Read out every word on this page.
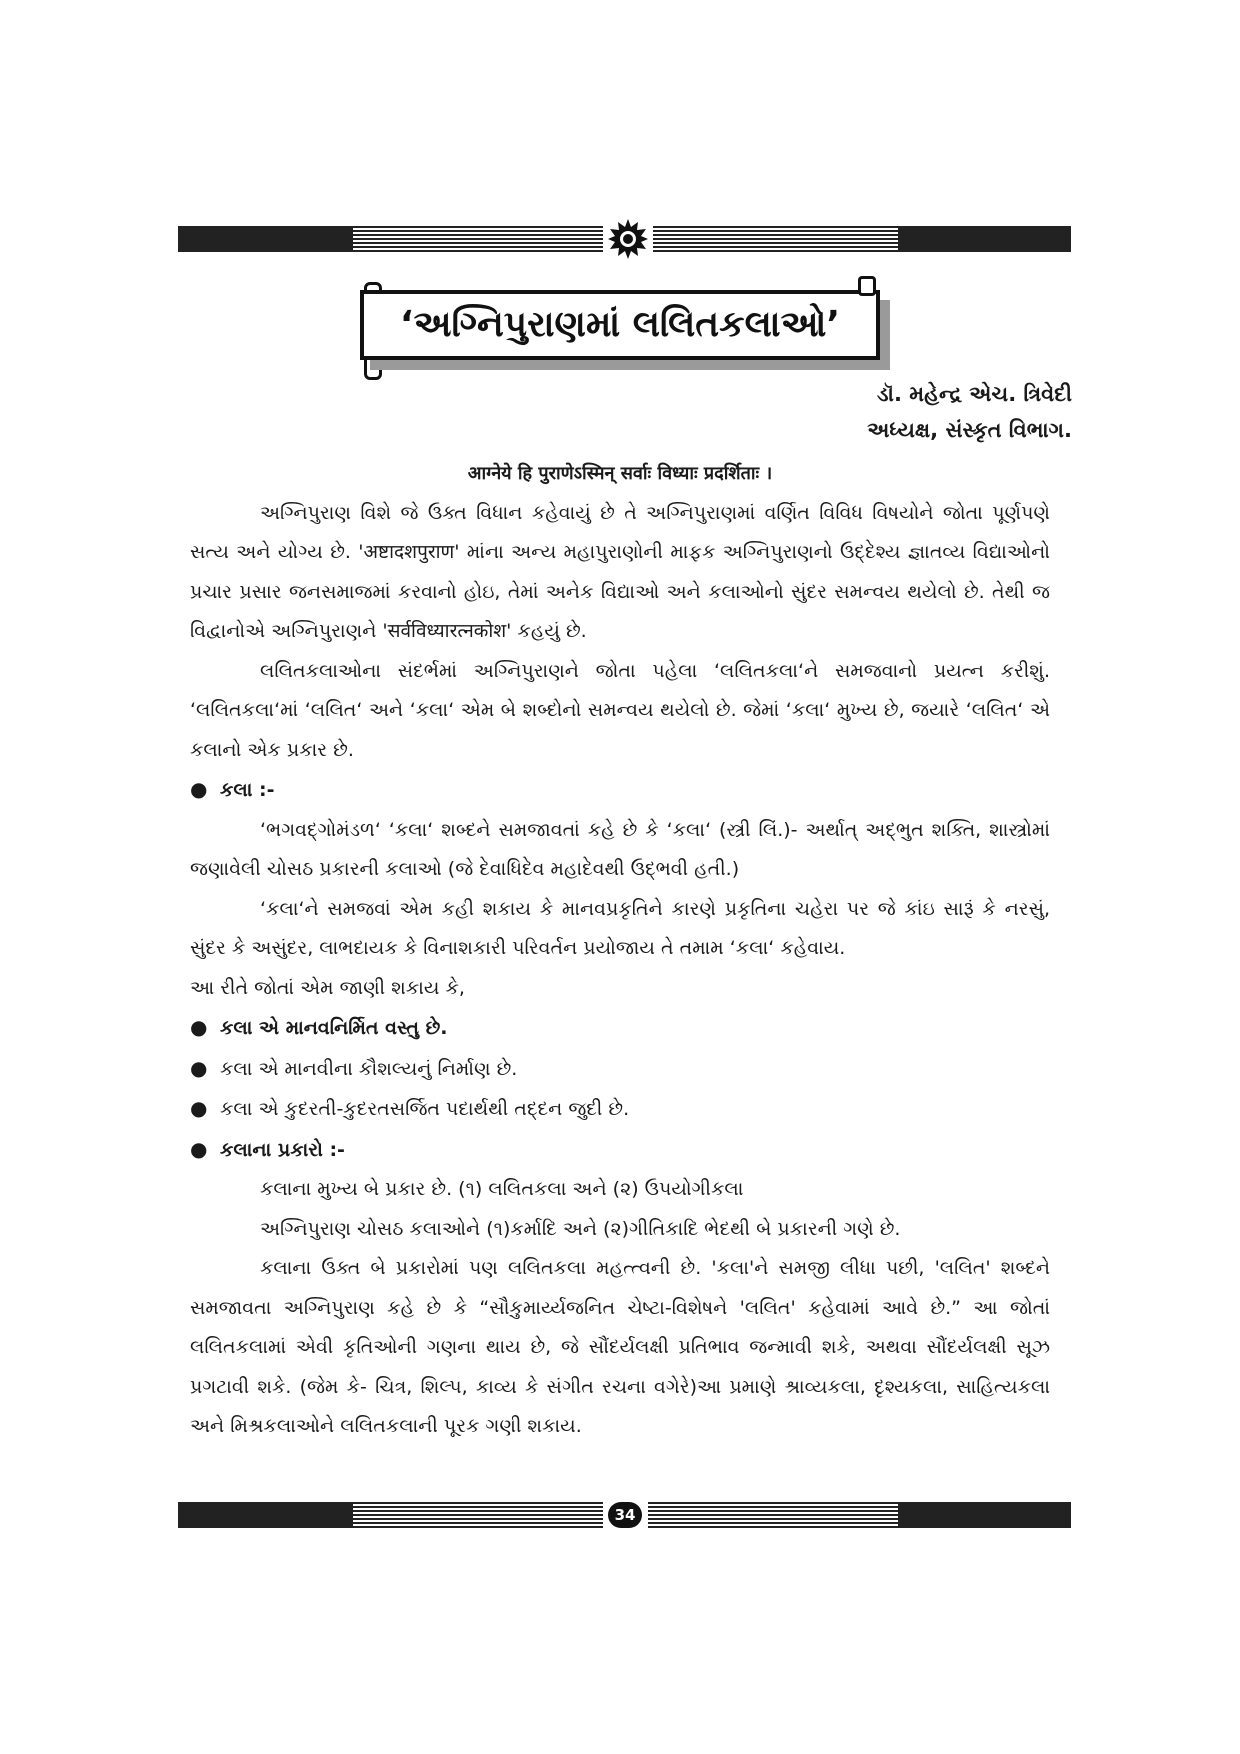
‘અગ્નિપુરાણમાં લલિતકલાઓ’
ડૉ. મહેન્દ્ર એચ. ત્રિવેદી
અધ્યક્ષ, સંસ્કૃત વિભાગ.

आग्नेये हि पुराणेऽस्मिन् सर्वाः विध्याः प्रदर्शिताः ।

અગ્નિપુરાણ વિશે જે ઉક્ત વિધાન કહેવાયું છે તે અગ્નિપુરાણમાં વર્ણિત વિવિધ વિષયોને જોતા પૂર્ણપણે સત્ય અને યોગ્ય છે. 'अष्टादशपुराण' માંના અન્ય મહાપુરાણોની માફક અગ્નિપુરાણનો ઉદ્દેશ્ય જ્ઞાતવ્ય વિદ્યાઓનો પ્રચાર પ્રસાર જનસમાજમાં કરવાનો હોઇ, તેમાં અનેક વિદ્યાઓ અને કલાઓનો સુંદર સમન્વય થયેલો છે. તેથી જ વિદ્વાનોએ અગ્નિપુરાણને 'सर्वविध्यारत्नकोश' કહયું છે.

લલિતકલાઓના સંદર્ભમાં અગ્નિપુરાણને જોતા પહેલા ‘લલિતકલા‘ને સમજવાનો પ્રયત્ન કરીશું. ‘લલિતકલા‘માં ‘લલિત‘ અને ‘કલા‘ એમ બે શબ્દોનો સમન્વય થયેલો છે. જેમાં ‘કલા‘ મુખ્ય છે, જયારે ‘લલિત‘ એ કલાનો એક પ્રકાર છે.

● કલા :-

‘ભગવદ્ગોમંડળ‘ ‘કલા‘ શબ્દને સમજાવતાં કહે છે કે ‘કલા‘ (સ્ત્રી લિં.)- અર્થાત્ અદ્ભુત શક્તિ, શાસ્ત્રોમાં જણાવેલી ચોસઠ પ્રકારની કલાઓ (જે દેવાધિદેવ મહાદેવથી ઉદ્ભવી હતી.)

‘કલા‘ને સમજવાં એમ કહી શકાય કે માનવપ્રકૃતિને કારણે પ્રકૃતિના ચહેરા પર જે કાંઇ સારૂં કે નરસું, સુંદર કે અસુંદર, લાભદાયક કે વિનાશકારી પરિવર્તન પ્રયોજાય તે તમામ ‘કલા‘ કહેવાય.

આ રીતે જોતાં એમ જાણી શકાય કે,

● કલા એ માનવનિર્મિત વસ્તુ છે.
● કલા એ માનવીના કૌશલ્યનું નિર્માણ છે.
● કલા એ કુદરતી-કુદરતસર્જિત પદાર્થથી તદ્દન જુદી છે.
● કલાના પ્રકારો :-

કલાના મુખ્ય બે પ્રકાર છે. (૧) લલિતકલા અને (૨) ઉપયોગીકલા

અગ્નિપુરાણ ચોસઠ કલાઓને (૧)કર્માદિ અને (૨)ગીતિકાદિ ભેદથી બે પ્રકારની ગણે છે.

કલાના ઉક્ત બે પ્રકારોમાં પણ લલિતકલા મહત્ત્વની છે. 'કલા'ને સમજી લીધા પછી, 'લલિત' શબ્દને સમજાવતા અગ્નિપુરાણ કહે છે કે “સૌકુમાર્ય્યજનિત ચેષ્ટા-વિશેષને 'લલિત' કહેવામાં આવે છે.” આ જોતાં લલિતકલામાં એવી કૃતિઓની ગણના થાય છે, જે સૌંદર્યલક્ષી પ્રતિભાવ જન્માવી શકે, અથવા સૌંદર્યલક્ષી સૂઝ પ્રગટાવી શકે. (જેમ કે- ચિત્ર, શિલ્પ, કાવ્ય કે સંગીત રચના વગેરે)આ પ્રમાણે શ્રાવ્યકલા, દૃશ્યકલા, સાહિત્યકલા અને મિશ્રકલાઓને લલિતકલાની પૂરક ગણી શકાય.

34
